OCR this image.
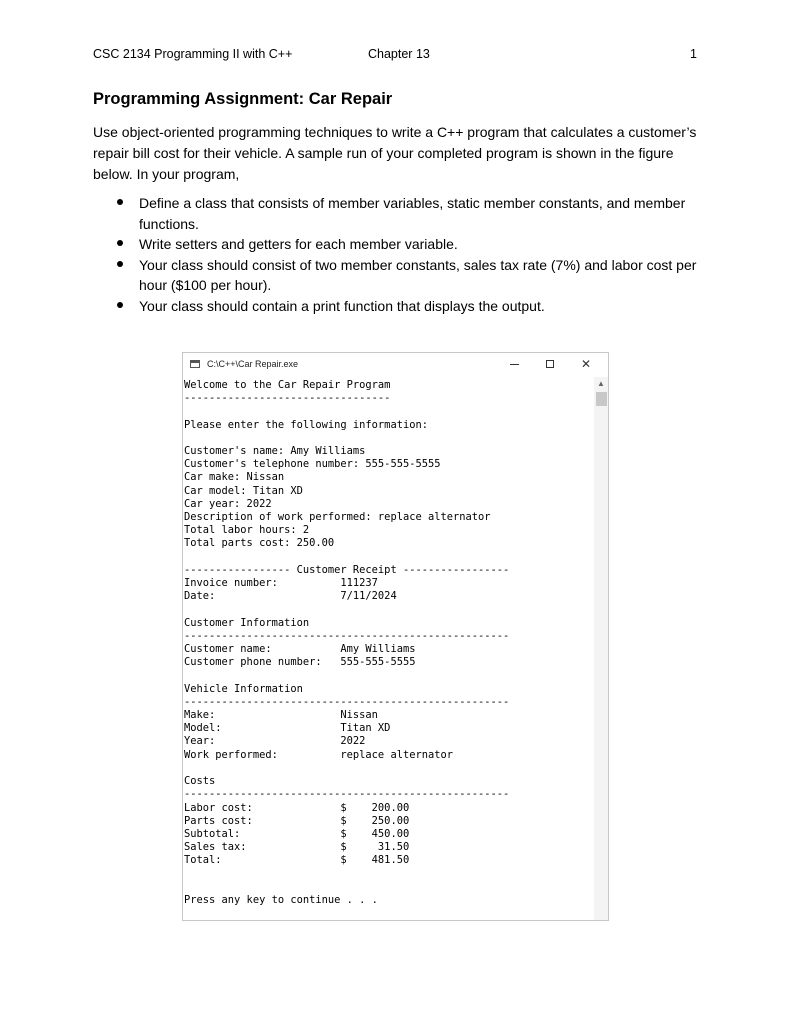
CSC 2134 Programming II with C++	Chapter 13	1
Programming Assignment: Car Repair

Use object-oriented programming techniques to write a C++ program that calculates a customer’s repair bill cost for their vehicle. A sample run of your completed program is shown in the figure below. In your program,

Define a class that consists of member variables, static member constants, and member functions.
Write setters and getters for each member variable.
Your class should consist of two member constants, sales tax rate (7%) and labor cost per hour ($100 per hour).
Your class should contain a print function that displays the output.
C:\C++\Car Repair.exe	✕
▲
Welcome to the Car Repair Program
---------------------------------

Please enter the following information:

Customer's name: Amy Williams
Customer's telephone number: 555-555-5555
Car make: Nissan
Car model: Titan XD
Car year: 2022
Description of work performed: replace alternator
Total labor hours: 2
Total parts cost: 250.00

----------------- Customer Receipt -----------------
Invoice number:          111237
Date:                    7/11/2024

Customer Information
----------------------------------------------------
Customer name:           Amy Williams
Customer phone number:   555-555-5555

Vehicle Information
----------------------------------------------------
Make:                    Nissan
Model:                   Titan XD
Year:                    2022
Work performed:          replace alternator

Costs
----------------------------------------------------
Labor cost:              $    200.00
Parts cost:              $    250.00
Subtotal:                $    450.00
Sales tax:               $     31.50
Total:                   $    481.50

Press any key to continue . . .
